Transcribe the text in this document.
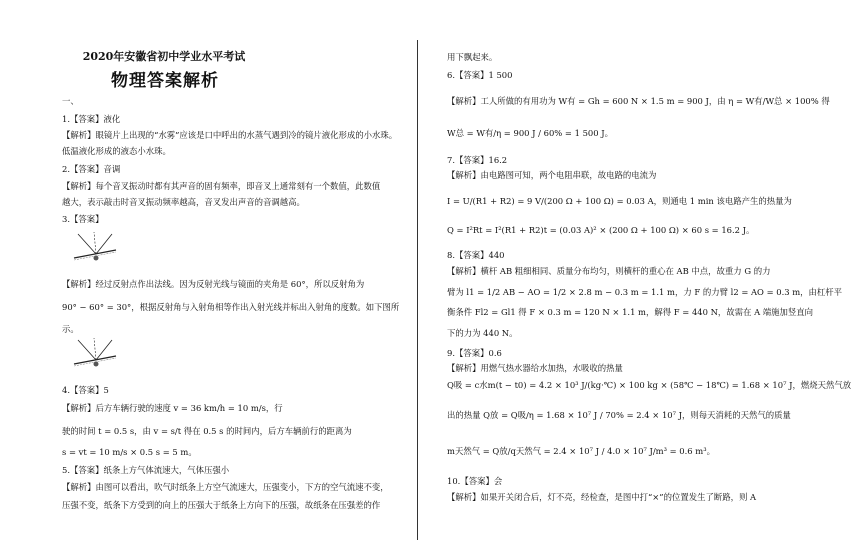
2020年安徽省初中学业水平考试
物理答案解析
一、
1.【答案】液化
【解析】眼镜片上出现的“水雾”应该是口中呼出的水蒸气遇到冷的镜片液化形成的小水珠。
低温液化形成的液态小水珠。
2.【答案】音调
【解析】每个音叉振动时都有其声音的固有频率，即音叉上通常刻有一个数值，此数值
越大，表示敲击时音叉振动频率越高，音叉发出声音的音调越高。
3.【答案】
【解析】经过反射点作出法线。因为反射光线与镜面的夹角是 60°，所以反射角为
90° − 60° = 30°，根据反射角与入射角相等作出入射光线并标出入射角的度数。如下图所
示。
4.【答案】5
【解析】后方车辆行驶的速度 v = 36 km/h = 10 m/s，行
驶的时间 t = 0.5 s，由 v = s/t 得在 0.5 s 的时间内，后方车辆前行的距离为
s = vt = 10 m/s × 0.5 s = 5 m。
5.【答案】纸条上方气体流速大，气体压强小
【解析】由图可以看出，吹气时纸条上方空气流速大，压强变小，下方的空气流速不变，
压强不变，纸条下方受到的向上的压强大于纸条上方向下的压强，故纸条在压强差的作
用下飘起来。
6.【答案】1 500
【解析】工人所做的有用功为 W有 = Gh = 600 N × 1.5 m = 900 J，由 η = W有/W总 × 100% 得
W总 = W有/η = 900 J / 60% = 1 500 J。
7.【答案】16.2
【解析】由电路图可知，两个电阻串联，故电路的电流为
I = U/(R1 + R2) = 9 V/(200 Ω + 100 Ω) = 0.03 A，则通电 1 min 该电路产生的热量为
Q = I²Rt = I²(R1 + R2)t = (0.03 A)² × (200 Ω + 100 Ω) × 60 s = 16.2 J。
8.【答案】440
【解析】横杆 AB 粗细相同、质量分布均匀，则横杆的重心在 AB 中点，故重力 G 的力
臂为 l1 = 1/2 AB − AO = 1/2 × 2.8 m − 0.3 m = 1.1 m，力 F 的力臂 l2 = AO = 0.3 m，由杠杆平
衡条件 Fl2 = Gl1 得 F × 0.3 m = 120 N × 1.1 m，解得 F = 440 N，故需在 A 端施加竖直向
下的力为 440 N。
9.【答案】0.6
【解析】用燃气热水器给水加热，水吸收的热量
Q吸 = c水m(t − t0) = 4.2 × 10³ J/(kg·℃) × 100 kg × (58℃ − 18℃) = 1.68 × 10⁷ J，燃烧天然气放
出的热量 Q放 = Q吸/η = 1.68 × 10⁷ J / 70% = 2.4 × 10⁷ J，则每天消耗的天然气的质量
m天然气 = Q放/q天然气 = 2.4 × 10⁷ J / 4.0 × 10⁷ J/m³ = 0.6 m³。
10.【答案】会
【解析】如果开关闭合后，灯不亮，经检查，是图中打“×”的位置发生了断路，则 A
